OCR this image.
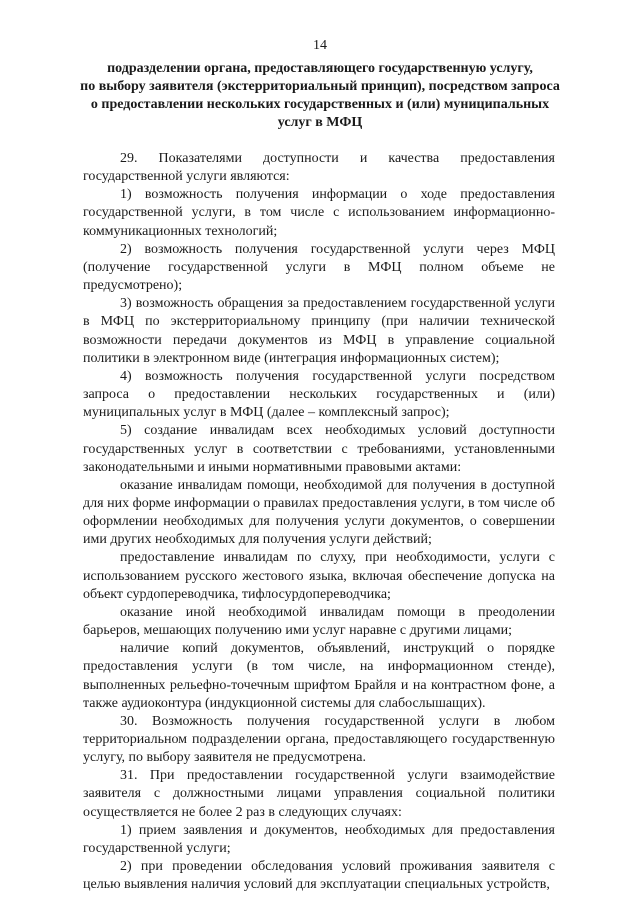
14
подразделении органа, предоставляющего государственную услугу,
по выбору заявителя (экстерриториальный принцип), посредством запроса
о предоставлении нескольких государственных и (или) муниципальных
услуг в МФЦ

29. Показателями доступности и качества предоставления государственной услуги являются:

1) возможность получения информации о ходе предоставления государственной услуги, в том числе с использованием информационно-коммуникационных технологий;

2) возможность получения государственной услуги через МФЦ (получение государственной услуги в МФЦ полном объеме не предусмотрено);

3) возможность обращения за предоставлением государственной услуги в МФЦ по экстерриториальному принципу (при наличии технической возможности передачи документов из МФЦ в управление социальной политики в электронном виде (интеграция информационных систем);

4) возможность получения государственной услуги посредством запроса о предоставлении нескольких государственных и (или) муниципальных услуг в МФЦ (далее – комплексный запрос);

5) создание инвалидам всех необходимых условий доступности государственных услуг в соответствии с требованиями, установленными законодательными и иными нормативными правовыми актами:

оказание инвалидам помощи, необходимой для получения в доступной для них форме информации о правилах предоставления услуги, в том числе об оформлении необходимых для получения услуги документов, о совершении ими других необходимых для получения услуги действий;

предоставление инвалидам по слуху, при необходимости, услуги с использованием русского жестового языка, включая обеспечение допуска на объект сурдопереводчика, тифлосурдопереводчика;

оказание иной необходимой инвалидам помощи в преодолении барьеров, мешающих получению ими услуг наравне с другими лицами;

наличие копий документов, объявлений, инструкций о порядке предоставления услуги (в том числе, на информационном стенде), выполненных рельефно-точечным шрифтом Брайля и на контрастном фоне, а также аудиоконтура (индукционной системы для слабослышащих).

30. Возможность получения государственной услуги в любом территориальном подразделении органа, предоставляющего государственную услугу, по выбору заявителя не предусмотрена.

31. При предоставлении государственной услуги взаимодействие заявителя с должностными лицами управления социальной политики осуществляется не более 2 раз в следующих случаях:

1) прием заявления и документов, необходимых для предоставления государственной услуги;

2) при проведении обследования условий проживания заявителя с целью выявления наличия условий для эксплуатации специальных устройств,
